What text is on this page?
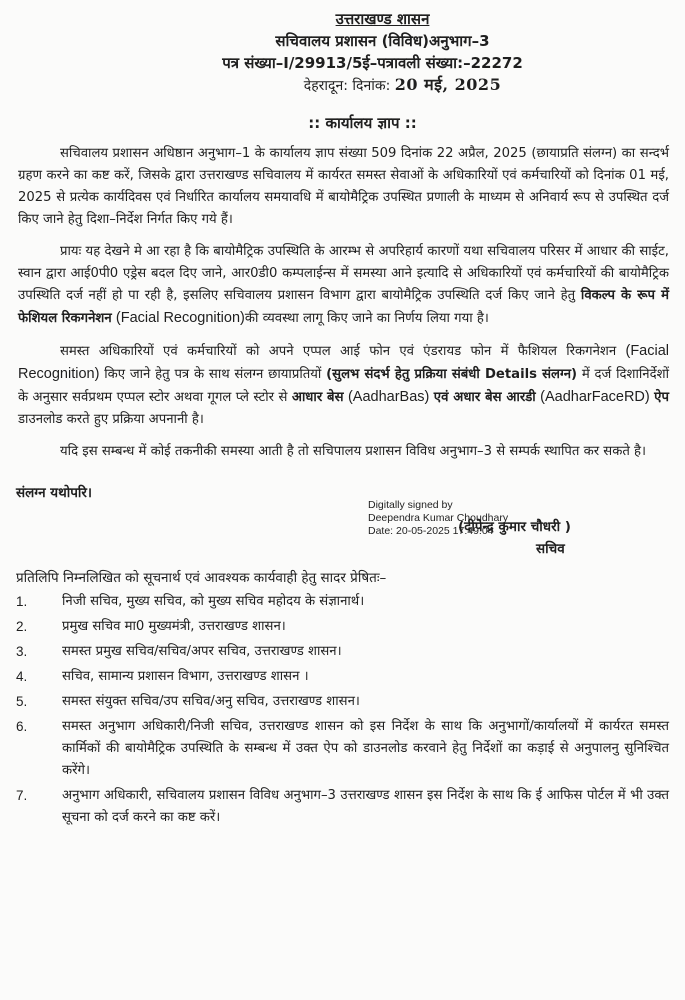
उत्तराखण्ड शासन
सचिवालय प्रशासन (विविध)अनुभाग–3
पत्र संख्या–I/29913/5ई–पत्रावली संख्या:–22272
देहरादून: दिनांक: 20 मई, 2025
:: कार्यालय ज्ञाप ::
सचिवालय प्रशासन अधिष्ठान अनुभाग–1 के कार्यालय ज्ञाप संख्या 509 दिनांक 22 अप्रैल, 2025 (छायाप्रति संलग्न) का सन्दर्भ ग्रहण करने का कष्ट करें, जिसके द्वारा उत्तराखण्ड सचिवालय में कार्यरत समस्त सेवाओं के अधिकारियों एवं कर्मचारियों को दिनांक 01 मई, 2025 से प्रत्येक कार्यदिवस एवं निर्धारित कार्यालय समयावधि में बायोमैट्रिक उपस्थित प्रणाली के माध्यम से अनिवार्य रूप से उपस्थित दर्ज किए जाने हेतु दिशा–निर्देश निर्गत किए गये हैं।
प्रायः यह देखने मे आ रहा है कि बायोमैट्रिक उपस्थिति के आरम्भ से अपरिहार्य कारणों यथा सचिवालय परिसर में आधार की साईट, स्वान द्वारा आई0पी0 एड्रेस बदल दिए जाने, आर0डी0 कम्पलाईन्स में समस्या आने इत्यादि से अधिकारियों एवं कर्मचारियों की बायोमैट्रिक उपस्थिति दर्ज नहीं हो पा रही है, इसलिए सचिवालय प्रशासन विभाग द्वारा बायोमैट्रिक उपस्थिति दर्ज किए जाने हेतु विकल्प के रूप में फेशियल रिकगनेशन (Facial Recognition)की व्यवस्था लागू किए जाने का निर्णय लिया गया है।
समस्त अधिकारियों एवं कर्मचारियों को अपने एप्पल आई फोन एवं एंडरायड फोन में फैशियल रिकगनेशन (Facial Recognition) किए जाने हेतु पत्र के साथ संलग्न छायाप्रतियों (सुलभ संदर्भ हेतु प्रक्रिया संबंधी Details संलग्न) में दर्ज दिशानिर्देशों के अनुसार सर्वप्रथम एप्पल स्टोर अथवा गूगल प्ले स्टोर से आधार बेस (AadharBas) एवं अधार बेस आरडी (AadharFaceRD) ऐप डाउनलोड करते हुए प्रक्रिया अपनानी है।
यदि इस सम्बन्ध में कोई तकनीकी समस्या आती है तो सचिपालय प्रशासन विविध अनुभाग–3 से सम्पर्क स्थापित कर सकते है।
संलग्न यथोपरि।
Digitally signed by
Deependra Kumar Choudhary
Date: 20-05-2025 17:49:04
(दीपेन्द्र कुमार चौधरी )
सचिव
प्रतिलिपि निम्नलिखित को सूचनार्थ एवं आवश्यक कार्यवाही हेतु सादर प्रेषितः–
1.	निजी सचिव, मुख्य सचिव, को मुख्य सचिव महोदय के संज्ञानार्थ।
2.	प्रमुख सचिव मा0 मुख्यमंत्री, उत्तराखण्ड शासन।
3.	समस्त प्रमुख सचिव/सचिव/अपर सचिव, उत्तराखण्ड शासन।
4.	सचिव, सामान्य प्रशासन विभाग, उत्तराखण्ड शासन ।
5.	समस्त संयुक्त सचिव/उप सचिव/अनु सचिव, उत्तराखण्ड शासन।
6.	समस्त अनुभाग अधिकारी/निजी सचिव, उत्तराखण्ड शासन को इस निर्देश के साथ कि अनुभागों/कार्यालयों में कार्यरत समस्त कार्मिकों की बायोमैट्रिक उपस्थिति के सम्बन्ध में उक्त ऐप को डाउनलोड करवाने हेतु निर्देशों का कड़ाई से अनुपालनु सुनिश्चित करेंगे।
7.	अनुभाग अधिकारी, सचिवालय प्रशासन विविध अनुभाग–3 उत्तराखण्ड शासन इस निर्देश के साथ कि ई आफिस पोर्टल में भी उक्त सूचना को दर्ज करने का कष्ट करें।
